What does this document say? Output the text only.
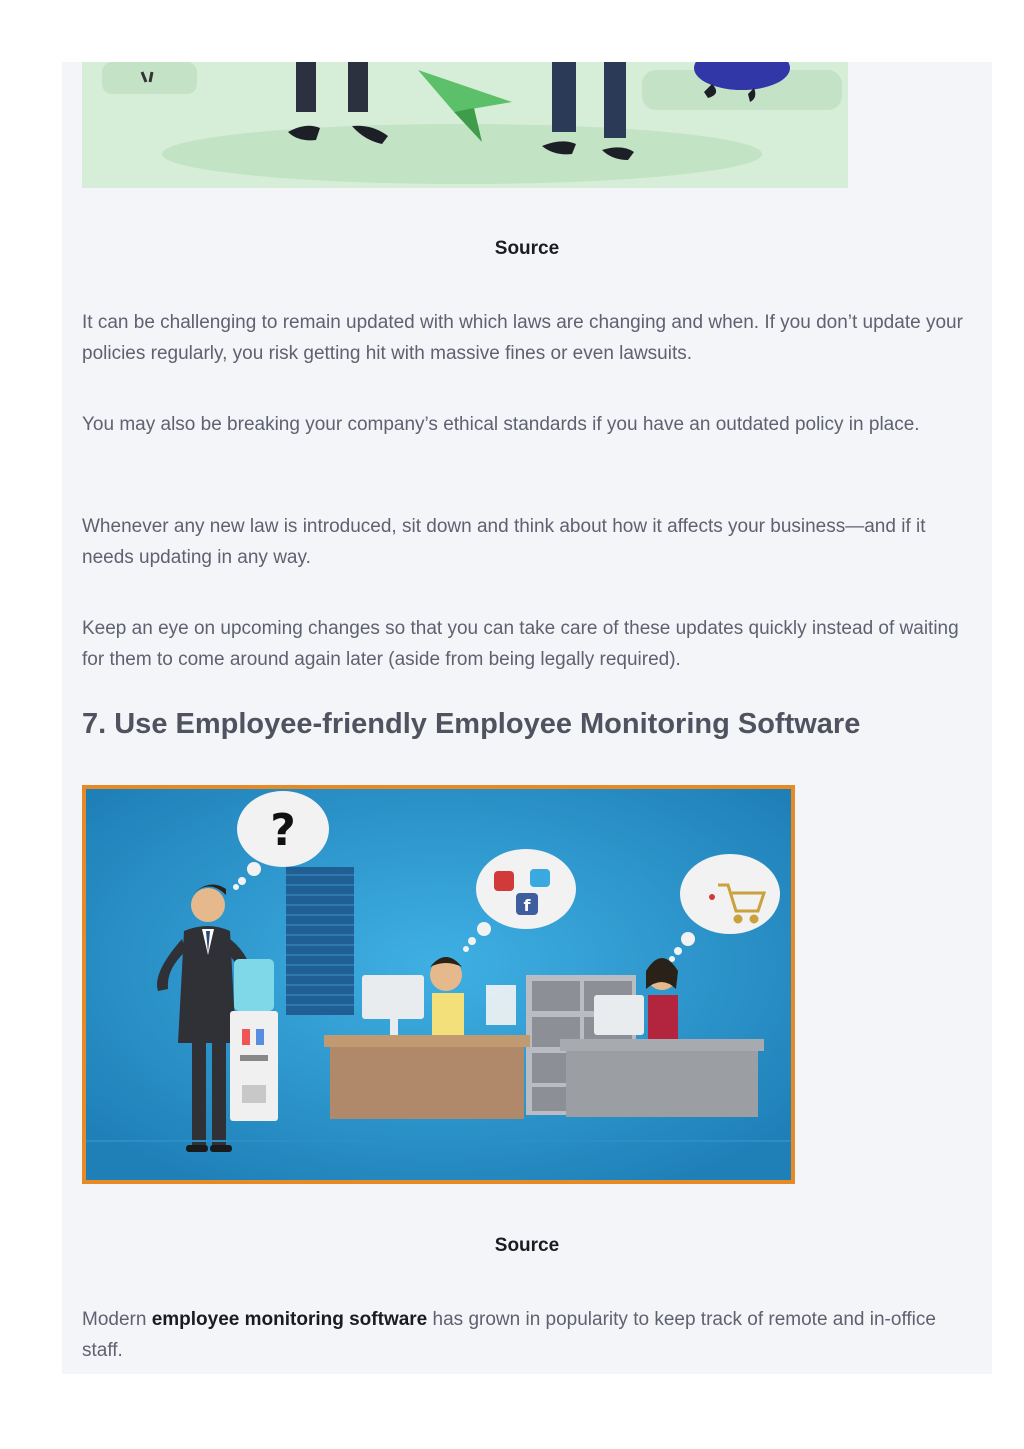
Source

It can be challenging to remain updated with which laws are changing and when. If you don’t update your policies regularly, you risk getting hit with massive fines or even lawsuits.

You may also be breaking your company’s ethical standards if you have an outdated policy in place.

Whenever any new law is introduced, sit down and think about how it affects your business—and if it needs updating in any way.

Keep an eye on upcoming changes so that you can take care of these updates quickly instead of waiting for them to come around again later (aside from being legally required).

7. Use Employee-friendly Employee Monitoring Software
?
f
Source

Modern employee monitoring software has grown in popularity to keep track of remote and in-office staff.
